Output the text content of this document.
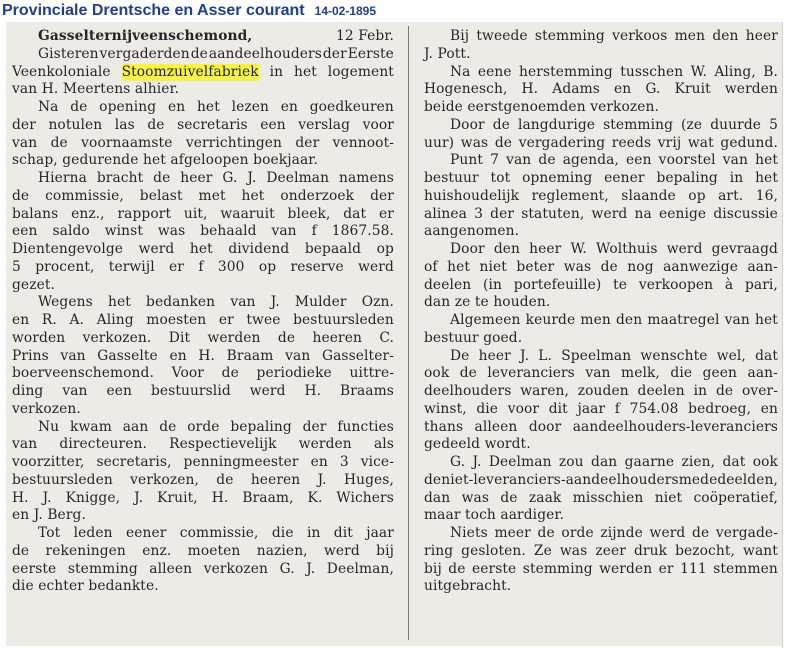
Provinciale Drentsche en Asser courant 14-02-1895
Gasselternijveenschemond,	12 Febr.
Gisteren vergaderden de aandeelhouders der Eerste
Veenkoloniale Stoomzuivelfabriek in het logement
van
H.
Meertens
alhier.
Na de opening en het lezen en goedkeuren
der notulen las de secretaris een verslag voor
van de voornaamste verrichtingen der vennoot-
schap,
gedurende
het
afgeloopen
boekjaar.
Hierna bracht de heer G. J. Deelman namens
de commissie, belast met het onderzoek der
balans enz., rapport uit, waaruit bleek, dat er
een saldo winst was behaald van f 1867.58.
Dientengevolge werd het dividend bepaald op
5 procent, terwijl er f 300 op reserve werd
gezet.
Wegens het bedanken van J. Mulder Ozn.
en R. A. Aling moesten er twee bestuursleden
worden verkozen. Dit werden de heeren C.
Prins van Gasselte en H. Braam van Gasselter-
boerveenschemond. Voor de periodieke uittre-
ding van een bestuurslid werd H. Braams
verkozen.
Nu kwam aan de orde bepaling der functies
van directeuren. Respectievelijk werden als
voorzitter, secretaris, penningmeester en 3 vice-
bestuursleden verkozen, de heeren J. Huges,
H. J. Knigge, J. Kruit, H. Braam, K. Wichers
en
J.
Berg.
Tot leden eener commissie, die in dit jaar
de rekeningen enz. moeten nazien, werd bij
eerste stemming alleen verkozen G. J. Deelman,
die
echter
bedankte.
Bij tweede stemming verkoos men den heer
J.
Pott.
Na eene herstemming tusschen W. Aling, B.
Hogenesch, H. Adams en G. Kruit werden
beide
eerstgenoemden
verkozen.
Door de langdurige stemming (ze duurde 5
uur) was de vergadering reeds vrij wat gedund.
Punt 7 van de agenda, een voorstel van het
bestuur tot opneming eener bepaling in het
huishoudelijk reglement, slaande op art. 16,
alinea 3 der statuten, werd na eenige discussie
aangenomen.
Door den heer W. Wolthuis werd gevraagd
of het niet beter was de nog aanwezige aan-
deelen (in portefeuille) te verkoopen à pari,
dan
ze
te
houden.
Algemeen keurde men den maatregel van het
bestuur
goed.
De heer J. L. Speelman wenschte wel, dat
ook de leveranciers van melk, die geen aan-
deelhouders waren, zouden deelen in de over-
winst, die voor dit jaar f 754.08 bedroeg, en
thans alleen door aandeelhouders-leveranciers
gedeeld
wordt.
G. J. Deelman zou dan gaarne zien, dat ook
de niet-leveranciers-aandeelhouders mededeelden,
dan was de zaak misschien niet coöperatief,
maar
toch
aardiger.
Niets meer de orde zijnde werd de vergade-
ring gesloten. Ze was zeer druk bezocht, want
bij de eerste stemming werden er 111 stemmen
uitgebracht.
